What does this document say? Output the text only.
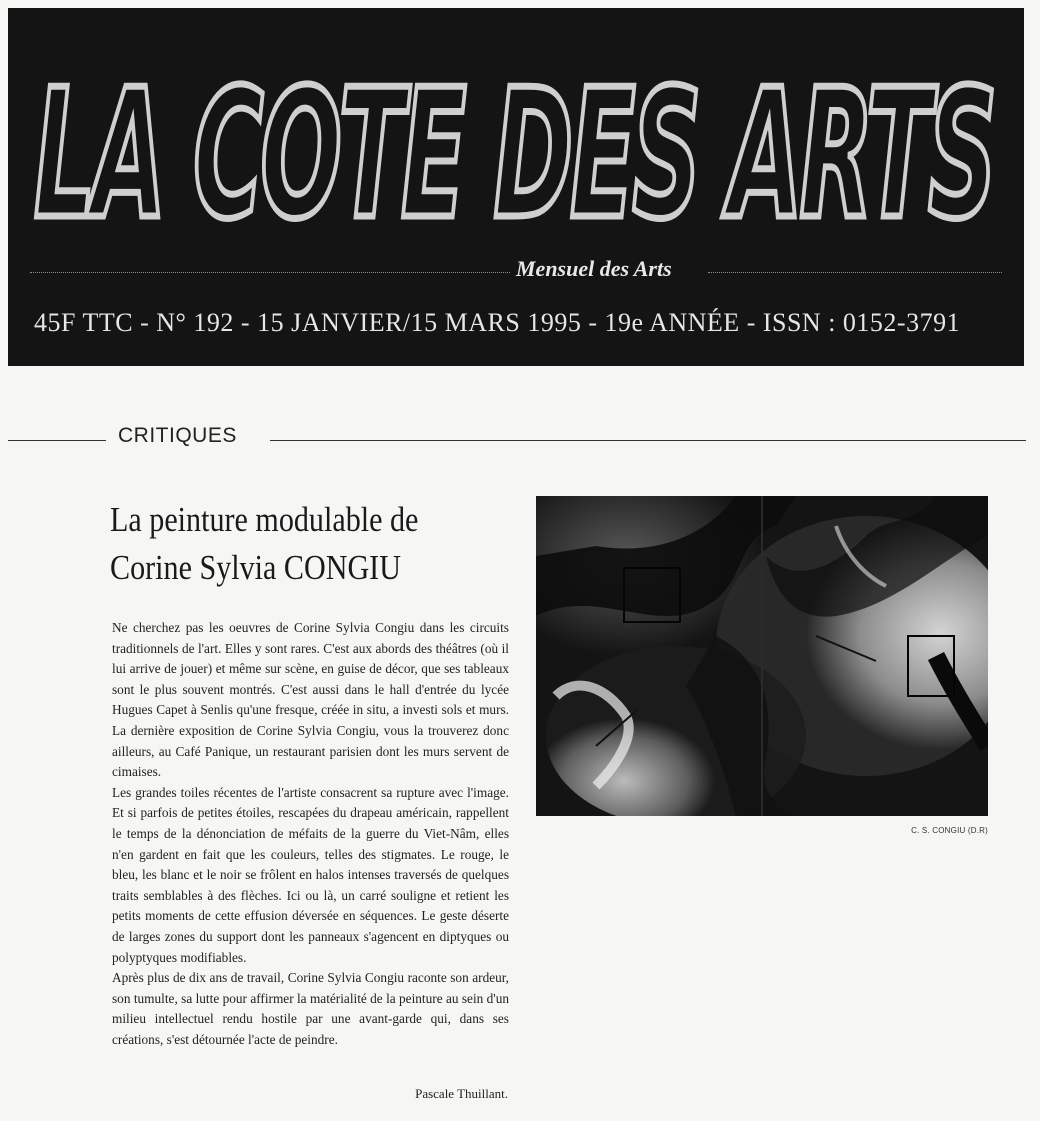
LA COTE DES ARTS
Mensuel des Arts
45F TTC - N° 192 - 15 JANVIER/15 MARS 1995 - 19e ANNÉE - ISSN : 0152-3791
CRITIQUES
La peinture modulable de
Corine Sylvia CONGIU

Ne cherchez pas les oeuvres de Corine Sylvia Congiu dans les circuits traditionnels de l'art. Elles y sont rares. C'est aux abords des théâtres (où il lui arrive de jouer) et même sur scène, en guise de décor, que ses tableaux sont le plus souvent montrés. C'est aussi dans le hall d'entrée du lycée Hugues Capet à Senlis qu'une fresque, créée in situ, a investi sols et murs. La dernière exposition de Corine Sylvia Congiu, vous la trouverez donc ailleurs, au Café Panique, un restaurant parisien dont les murs servent de cimaises.

Les grandes toiles récentes de l'artiste consacrent sa rupture avec l'image. Et si parfois de petites étoiles, rescapées du drapeau américain, rappellent le temps de la dénonciation de méfaits de la guerre du Viet-Nâm, elles n'en gardent en fait que les couleurs, telles des stigmates. Le rouge, le bleu, les blanc et le noir se frôlent en halos intenses traversés de quelques traits semblables à des flèches. Ici ou là, un carré souligne et retient les petits moments de cette effusion déversée en séquences. Le geste déserte de larges zones du support dont les panneaux s'agencent en diptyques ou polyptyques modifiables.

Après plus de dix ans de travail, Corine Sylvia Congiu raconte son ardeur, son tumulte, sa lutte pour affirmer la matérialité de la peinture au sein d'un milieu intellectuel rendu hostile par une avant-garde qui, dans ses créations, s'est détournée l'acte de peindre.

Pascale Thuillant.
C. S. CONGIU (D.R)
